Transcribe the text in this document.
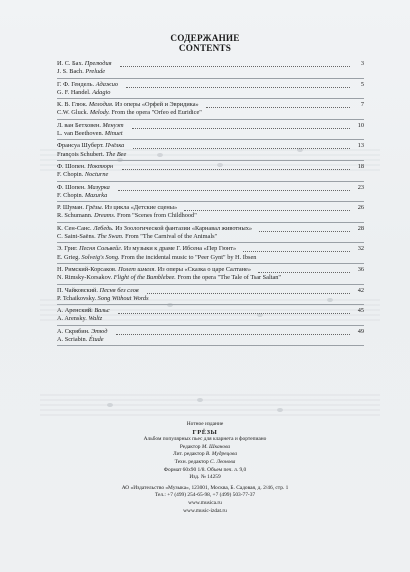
СОДЕРЖАНИЕ
CONTENTS
И. С. Бах. Прелюдия	3
J. S. Bach. Prelude
Г. Ф. Гендель. Адажио	5
G. F. Handel. Adagio
К. В. Глюк. Мелодия. Из оперы «Орфей и Эвридика»	7
C.W. Gluck. Melody. From the opera "Orfeo ed Euridice"
Л. ван Бетховен. Менуэт	10
L. van Beethoven. Minuet
Франсуа Шуберт. Пчёлка	13
François Schubert. The Bee
Ф. Шопен. Ноктюрн	18
F. Chopin. Nocturne
Ф. Шопен. Мазурка	23
F. Chopin. Mazurka
Р. Шуман. Грёзы. Из цикла «Детские сцены»	26
R. Schumann. Dreams. From "Scenes from Childhood"
К. Сен-Санс. Лебедь. Из Зоологической фантазии «Карнавал животных»	28
C. Saint-Saëns. The Swan. From "The Carnival of the Animals"
Э. Григ. Песня Сольвейг. Из музыки к драме Г. Ибсена «Пер Гюнт»	32
E. Grieg. Solveig's Song. From the incidental music to "Peer Gynt" by H. Ibsen
Н. Римский-Корсаков. Полет шмеля. Из оперы «Сказка о царе Салтане»	36
N. Rimsky-Korsakov. Flight of the Bumblebee. From the opera "The Tale of Tsar Saltan"
П. Чайковский. Песня без слов	42
P. Tchaikovsky. Song Without Words
А. Аренский. Вальс	45
A. Arensky. Waltz
А. Скрябин. Этюд	49
A. Scriabin. Étude
Нотное издание
ГРЁЗЫ
Альбом популярных пьес для кларнета и фортепиано
Редактор М. Шканова
Лит. редактор В. Мудрецова
Техн. редактор С. Леонова
Формат 60х90 1/8. Объем печ. л. 9,0
Изд. № 14259
АО «Издательство «Музыка», 123001, Москва, Б. Садовая, д. 2/46, стр. 1
Тел.: +7 (499) 254-65-98, +7 (499) 503-77-37
www.musica.ru
www.music-izdat.ru
